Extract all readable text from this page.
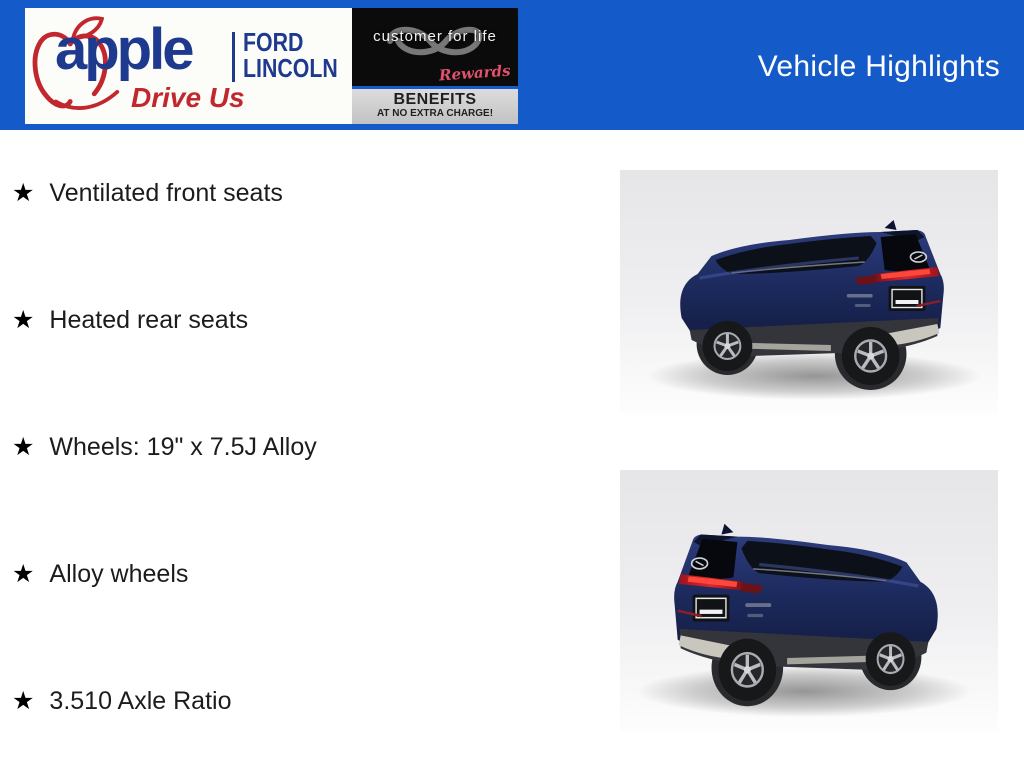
apple FORD
LINCOLN
Drive Us
customer for life
Rewards
BENEFITS
AT NO EXTRA CHARGE!
Vehicle Highlights
★ Ventilated front seats
★ Heated rear seats
★ Wheels: 19" x 7.5J Alloy
★ Alloy wheels
★ 3.510 Axle Ratio
